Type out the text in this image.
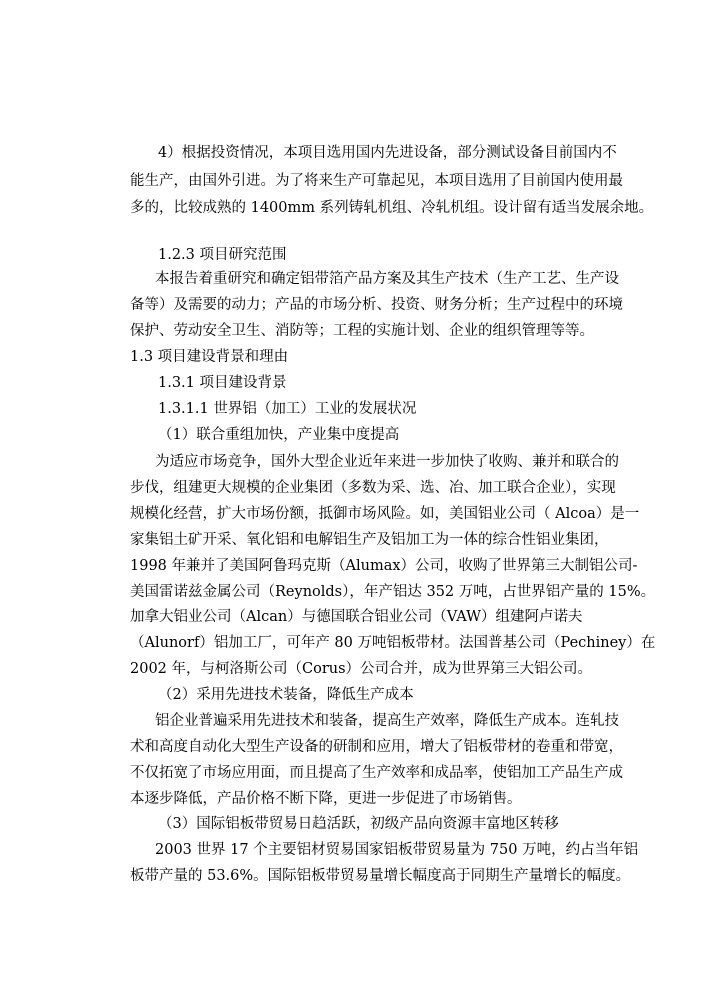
4）根据投资情况，本项目选用国内先进设备，部分测试设备目前国内不
能生产，由国外引进。为了将来生产可靠起见，本项目选用了目前国内使用最
多的，比较成熟的 1400mm 系列铸轧机组、冷轧机组。设计留有适当发展余地。
1.2.3 项目研究范围
本报告着重研究和确定铝带箔产品方案及其生产技术（生产工艺、生产设
备等）及需要的动力；产品的市场分析、投资、财务分析；生产过程中的环境
保护、劳动安全卫生、消防等；工程的实施计划、企业的组织管理等等。
1.3 项目建设背景和理由
1.3.1 项目建设背景
1.3.1.1 世界铝（加工）工业的发展状况
（1）联合重组加快，产业集中度提高
为适应市场竞争，国外大型企业近年来进一步加快了收购、兼并和联合的
步伐，组建更大规模的企业集团（多数为采、选、冶、加工联合企业），实现
规模化经营，扩大市场份额，抵御市场风险。如，美国铝业公司（ Alcoa）是一
家集铝土矿开采、氧化铝和电解铝生产及铝加工为一体的综合性铝业集团，
1998 年兼并了美国阿鲁玛克斯（Alumax）公司，收购了世界第三大制铝公司-
美国雷诺兹金属公司（Reynolds），年产铝达 352 万吨，占世界铝产量的 15%。
加拿大铝业公司（Alcan）与德国联合铝业公司（VAW）组建阿卢诺夫
（Alunorf）铝加工厂，可年产 80 万吨铝板带材。法国普基公司（Pechiney）在
2002 年，与柯洛斯公司（Corus）公司合并，成为世界第三大铝公司。
（2）采用先进技术装备，降低生产成本
铝企业普遍采用先进技术和装备，提高生产效率，降低生产成本。连轧技
术和高度自动化大型生产设备的研制和应用，增大了铝板带材的卷重和带宽，
不仅拓宽了市场应用面，而且提高了生产效率和成品率，使铝加工产品生产成
本逐步降低，产品价格不断下降，更进一步促进了市场销售。
（3）国际铝板带贸易日趋活跃，初级产品向资源丰富地区转移
2003 世界 17 个主要铝材贸易国家铝板带贸易量为 750 万吨，约占当年铝
板带产量的 53.6%。国际铝板带贸易量增长幅度高于同期生产量增长的幅度。
